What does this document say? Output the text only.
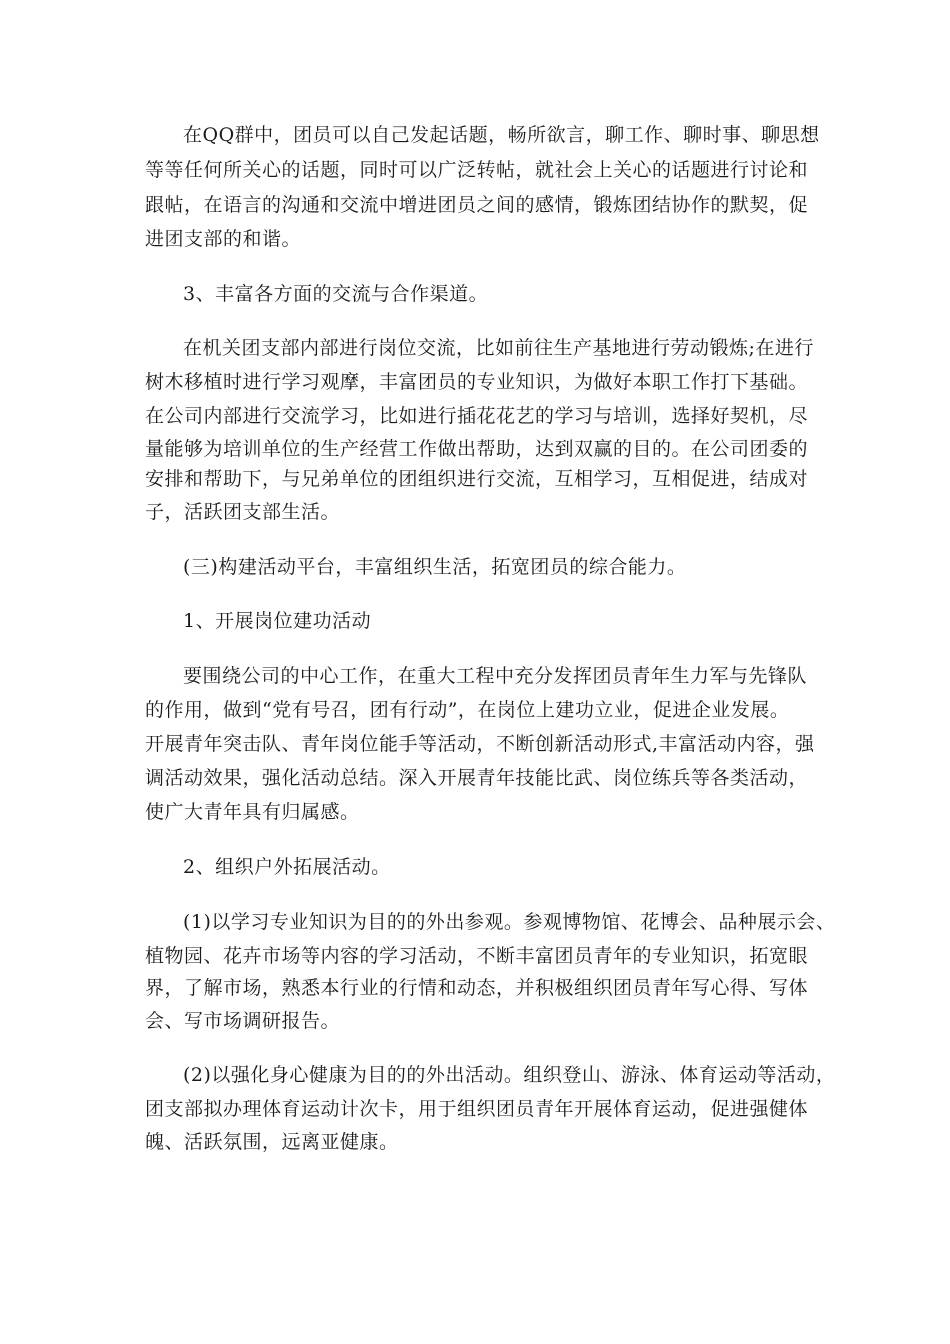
在QQ群中，团员可以自己发起话题，畅所欲言，聊工作、聊时事、聊思想
等等任何所关心的话题，同时可以广泛转帖，就社会上关心的话题进行讨论和
跟帖，在语言的沟通和交流中增进团员之间的感情，锻炼团结协作的默契，促
进团支部的和谐。
3、丰富各方面的交流与合作渠道。
在机关团支部内部进行岗位交流，比如前往生产基地进行劳动锻炼;在进行
树木移植时进行学习观摩，丰富团员的专业知识，为做好本职工作打下基础。
在公司内部进行交流学习，比如进行插花花艺的学习与培训，选择好契机，尽
量能够为培训单位的生产经营工作做出帮助，达到双赢的目的。在公司团委的
安排和帮助下，与兄弟单位的团组织进行交流，互相学习，互相促进，结成对
子，活跃团支部生活。
(三)构建活动平台，丰富组织生活，拓宽团员的综合能力。
1、开展岗位建功活动
要围绕公司的中心工作，在重大工程中充分发挥团员青年生力军与先锋队
的作用，做到“党有号召，团有行动”，在岗位上建功立业，促进企业发展。
开展青年突击队、青年岗位能手等活动，不断创新活动形式,丰富活动内容，强
调活动效果，强化活动总结。深入开展青年技能比武、岗位练兵等各类活动，
使广大青年具有归属感。
2、组织户外拓展活动。
(1)以学习专业知识为目的的外出参观。参观博物馆、花博会、品种展示会、
植物园、花卉市场等内容的学习活动，不断丰富团员青年的专业知识，拓宽眼
界，了解市场，熟悉本行业的行情和动态，并积极组织团员青年写心得、写体
会、写市场调研报告。
(2)以强化身心健康为目的的外出活动。组织登山、游泳、体育运动等活动，
团支部拟办理体育运动计次卡，用于组织团员青年开展体育运动，促进强健体
魄、活跃氛围，远离亚健康。
